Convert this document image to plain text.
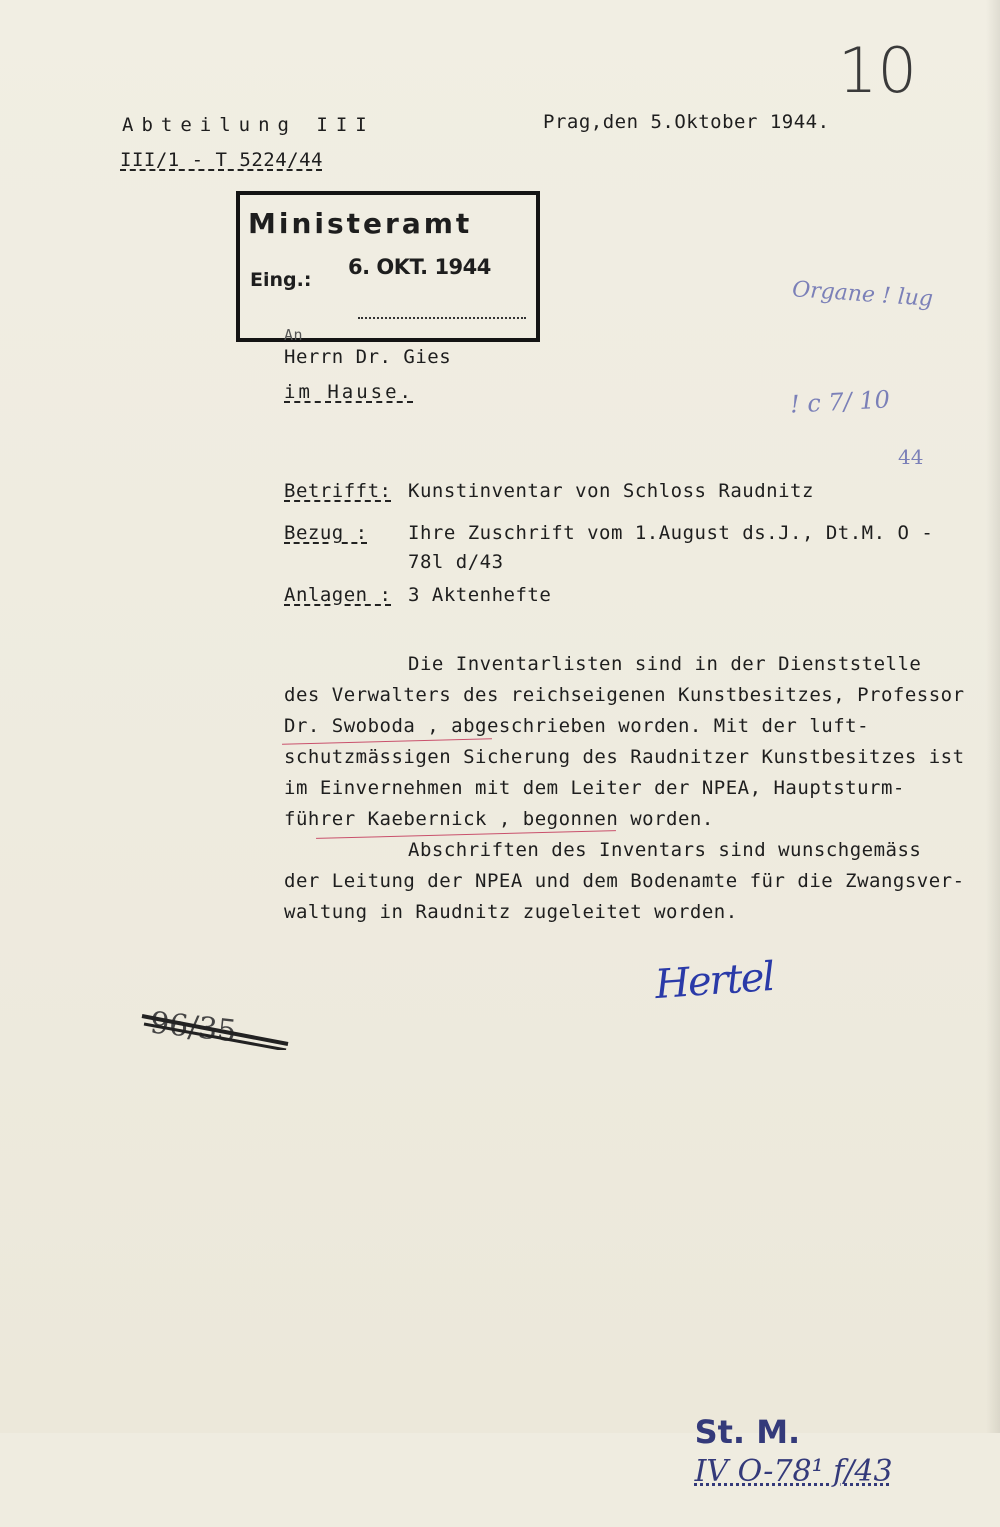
10
Abteilung III
III/1 - T 5224/44
Prag,den 5.Oktober 1944.
Ministeramt
Eing.:
6. OKT. 1944
Organe ! lug
! c 7/ 10
44
An
Herrn Dr. Gies
im Hause.
Betrifft: Kunstinventar von Schloss Raudnitz
Bezug : Ihre Zuschrift vom 1.August ds.J., Dt.M. O -
78l d/43
Anlagen : 3 Aktenhefte
Die Inventarlisten sind in der Dienststelle
des Verwalters des reichseigenen Kunstbesitzes, Professor
Dr. Swoboda , abgeschrieben worden. Mit der luft-
schutzmässigen Sicherung des Raudnitzer Kunstbesitzes ist
im Einvernehmen mit dem Leiter der NPEA, Hauptsturm-
führer Kaebernick , begonnen worden.
Abschriften des Inventars sind wunschgemäss
der Leitung der NPEA und dem Bodenamte für die Zwangsver-
waltung in Raudnitz zugeleitet worden.
Hertel
96/35

St. M.
IV O-78¹ f/43
